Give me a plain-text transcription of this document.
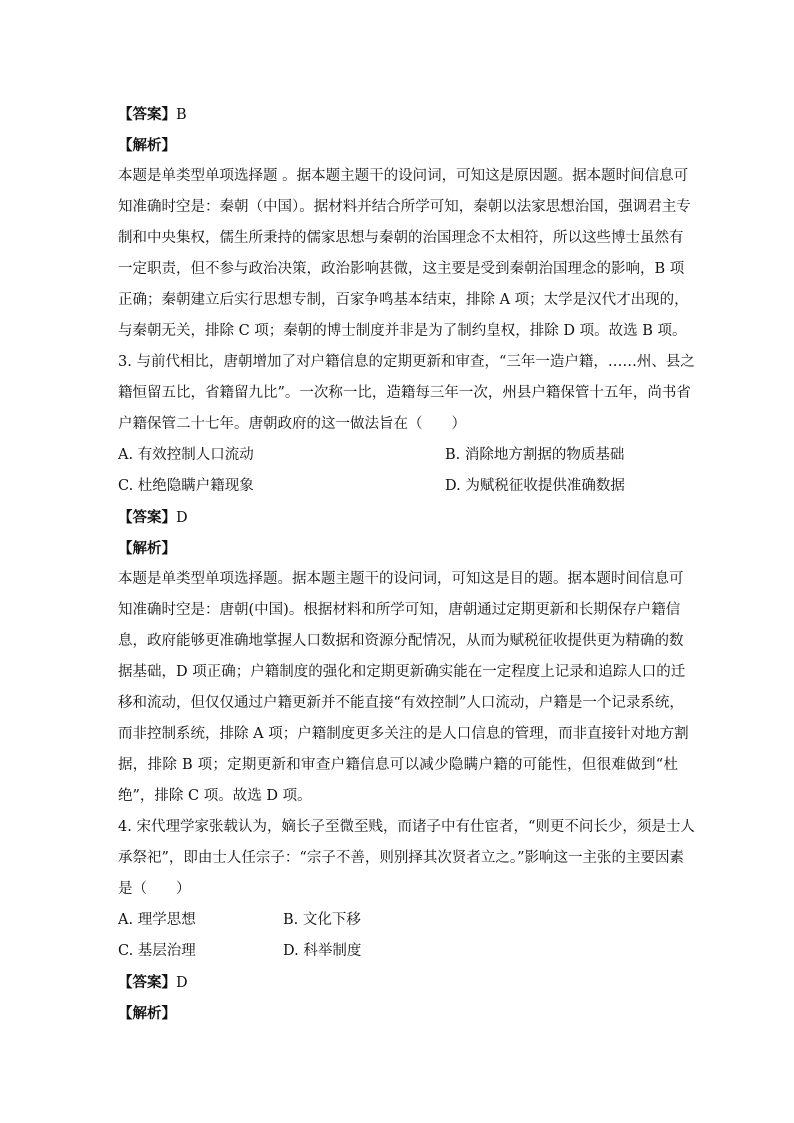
【答案】B
【解析】
本题是单类型单项选择题 。据本题主题干的设问词，可知这是原因题。据本题时间信息可
知准确时空是：秦朝（中国）。据材料并结合所学可知，秦朝以法家思想治国，强调君主专
制和中央集权，儒生所秉持的儒家思想与秦朝的治国理念不太相符，所以这些博士虽然有
一定职责，但不参与政治决策，政治影响甚微，这主要是受到秦朝治国理念的影响，B 项
正确；秦朝建立后实行思想专制，百家争鸣基本结束，排除 A 项；太学是汉代才出现的，
与秦朝无关，排除 C 项；秦朝的博士制度并非是为了制约皇权，排除 D 项。故选 B 项。
3. 与前代相比，唐朝增加了对户籍信息的定期更新和审查，“三年一造户籍，……州、县之
籍恒留五比，省籍留九比”。一次称一比，造籍每三年一次，州县户籍保管十五年，尚书省
户籍保管二十七年。唐朝政府的这一做法旨在（　　）
A. 有效控制人口流动	B. 消除地方割据的物质基础
C. 杜绝隐瞒户籍现象	D. 为赋税征收提供准确数据
【答案】D
【解析】
本题是单类型单项选择题。据本题主题干的设问词，可知这是目的题。据本题时间信息可
知准确时空是：唐朝(中国)。根据材料和所学可知，唐朝通过定期更新和长期保存户籍信
息，政府能够更准确地掌握人口数据和资源分配情况，从而为赋税征收提供更为精确的数
据基础，D 项正确；户籍制度的强化和定期更新确实能在一定程度上记录和追踪人口的迁
移和流动，但仅仅通过户籍更新并不能直接“有效控制”人口流动，户籍是一个记录系统，
而非控制系统，排除 A 项；户籍制度更多关注的是人口信息的管理，而非直接针对地方割
据，排除 B 项；定期更新和审查户籍信息可以减少隐瞒户籍的可能性，但很难做到“杜
绝”，排除 C 项。故选 D 项。
4. 宋代理学家张载认为，嫡长子至微至贱，而诸子中有仕宦者，“则更不问长少，须是士人
承祭祀”，即由士人任宗子：“宗子不善，则别择其次贤者立之。”影响这一主张的主要因素
是（　　）
A. 理学思想	B. 文化下移
C. 基层治理	D. 科举制度
【答案】D
【解析】
